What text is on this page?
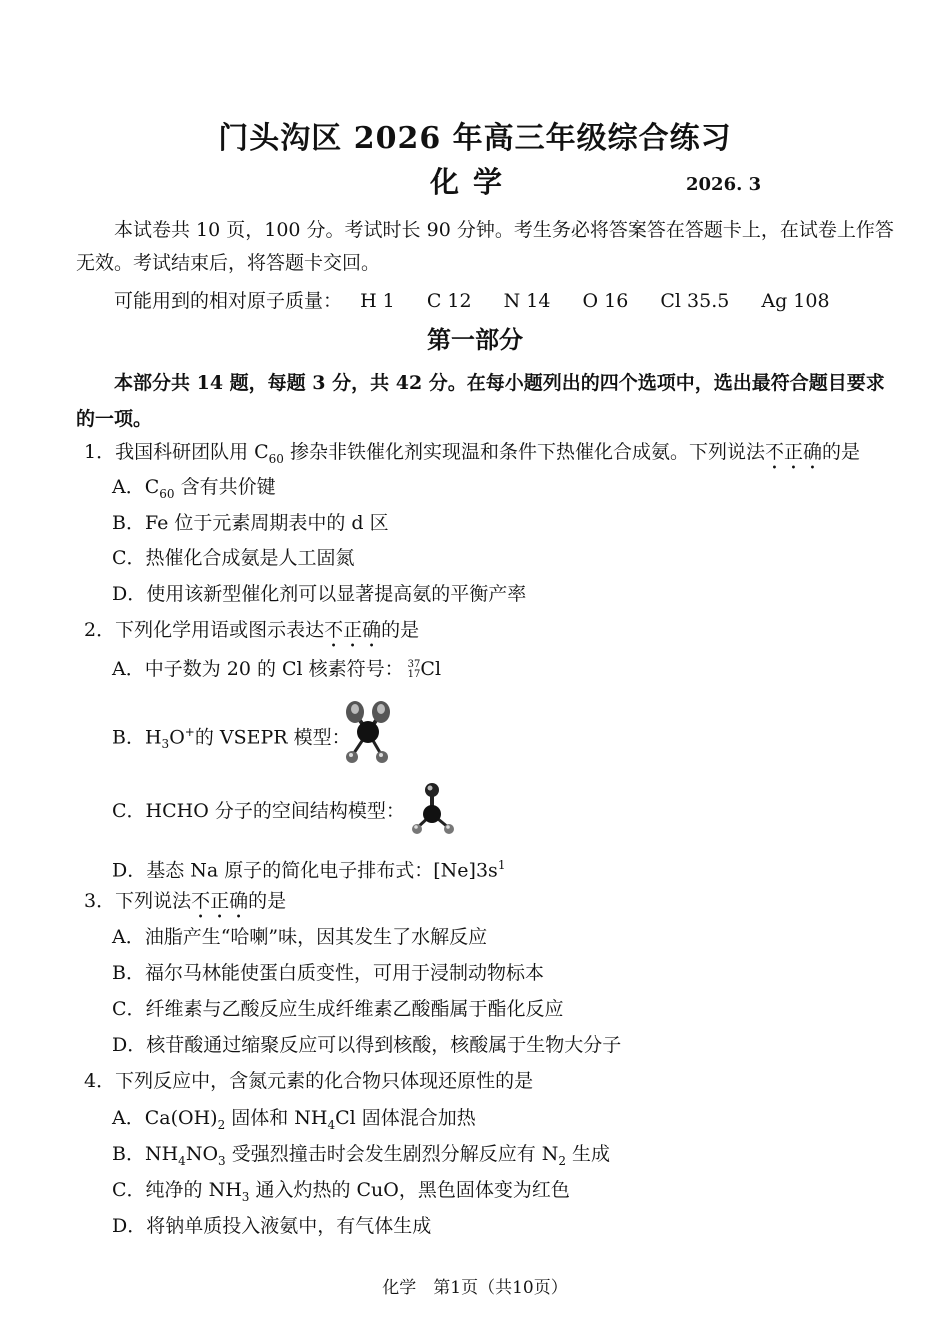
门头沟区 2026 年高三年级综合练习
化学	2026. 3
本试卷共 10 页，100 分。考试时长 90 分钟。考生务必将答案答在答题卡上，在试卷上作答
无效。考试结束后，将答题卡交回。
可能用到的相对原子质量： H 1 C 12 N 14 O 16 Cl 35.5 Ag 108
第一部分
本部分共 14 题，每题 3 分，共 42 分。在每小题列出的四个选项中，选出最符合题目要求
的一项。
1．我国科研团队用 $C_{60}$ 掺杂非铁催化剂实现温和条件下热催化合成氨。下列说法不正确的是
A．$C_{60}$ 含有共价键
B．Fe 位于元素周期表中的 d 区
C．热催化合成氨是人工固氮
D．使用该新型催化剂可以显著提高氨的平衡产率
2．下列化学用语或图示表达不正确的是
A．中子数为 20 的 Cl 核素符号： 37
17 Cl
B．$H_3O^+$的 VSEPR 模型：
C．HCHO 分子的空间结构模型：
D．基态 Na 原子的简化电子排布式：$[Ne]3s^1$
3．下列说法不正确的是
A．油脂产生“哈喇”味，因其发生了水解反应
B．福尔马林能使蛋白质变性，可用于浸制动物标本
C．纤维素与乙酸反应生成纤维素乙酸酯属于酯化反应
D．核苷酸通过缩聚反应可以得到核酸，核酸属于生物大分子
4．下列反应中，含氮元素的化合物只体现还原性的是
A．$Ca(OH)_2$ 固体和 $NH_4Cl$ 固体混合加热
B．$NH_4NO_3$ 受强烈撞击时会发生剧烈分解反应有 $N_2$ 生成
C．纯净的 $NH_3$ 通入灼热的 CuO，黑色固体变为红色
D．将钠单质投入液氨中，有气体生成
化学　第1页（共10页）
